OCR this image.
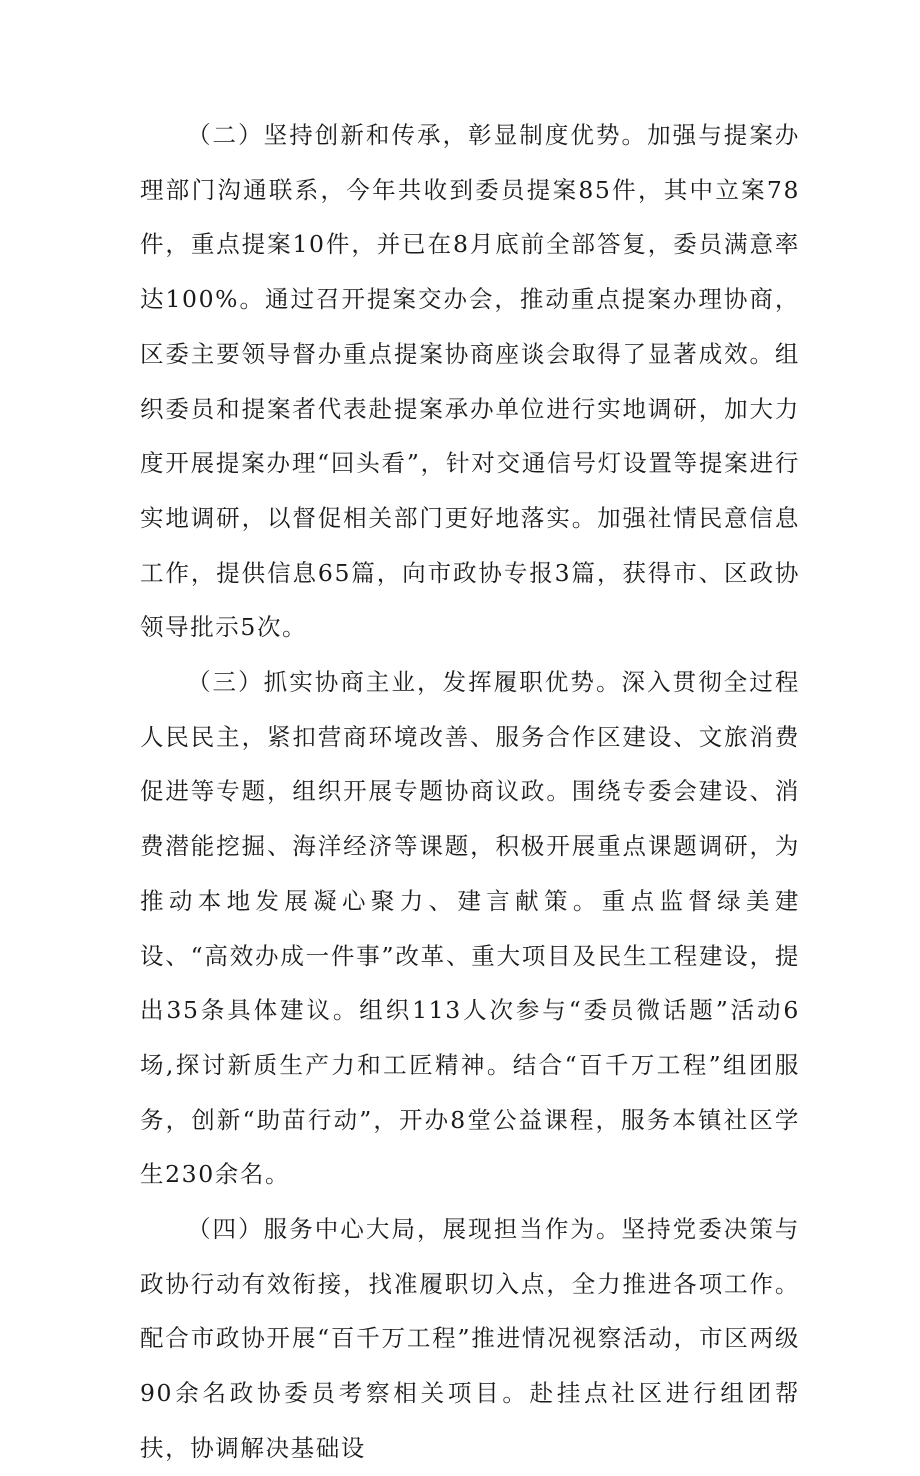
（二）坚持创新和传承，彰显制度优势。加强与提案办理部门沟通联系，今年共收到委员提案85件，其中立案78件，重点提案10件，并已在8月底前全部答复，委员满意率达100%。通过召开提案交办会，推动重点提案办理协商，区委主要领导督办重点提案协商座谈会取得了显著成效。组织委员和提案者代表赴提案承办单位进行实地调研，加大力度开展提案办理“回头看”，针对交通信号灯设置等提案进行实地调研，以督促相关部门更好地落实。加强社情民意信息工作，提供信息65篇，向市政协专报3篇，获得市、区政协领导批示5次。

（三）抓实协商主业，发挥履职优势。深入贯彻全过程人民民主，紧扣营商环境改善、服务合作区建设、文旅消费促进等专题，组织开展专题协商议政。围绕专委会建设、消费潜能挖掘、海洋经济等课题，积极开展重点课题调研，为推动本地发展凝心聚力、建言献策。重点监督绿美建设、“高效办成一件事”改革、重大项目及民生工程建设，提出35条具体建议。组织113人次参与“委员微话题”活动6场,探讨新质生产力和工匠精神。结合“百千万工程”组团服务，创新“助苗行动”，开办8堂公益课程，服务本镇社区学生230余名。

（四）服务中心大局，展现担当作为。坚持党委决策与政协行动有效衔接，找准履职切入点，全力推进各项工作。配合市政协开展“百千万工程”推进情况视察活动，市区两级90余名政协委员考察相关项目。赴挂点社区进行组团帮扶，协调解决基础设
